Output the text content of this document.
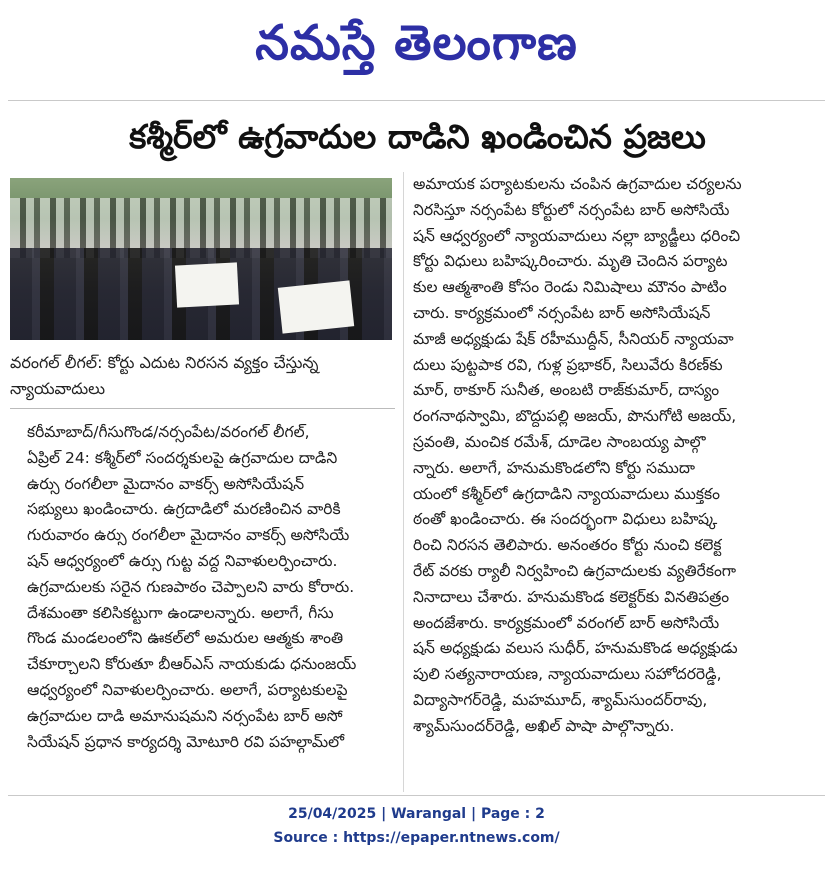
నమస్తే తెలంగాణ
కశ్మీర్‌లో ఉగ్రవాదుల దాడిని ఖండించిన ప్రజలు
వరంగల్ లీగల్: కోర్టు ఎదుట నిరసన వ్యక్తం చేస్తున్న
న్యాయవాదులు
కరీమాబాద్/గీసుగొండ/నర్సంపేట/వరంగల్ లీగల్,
ఏప్రిల్ 24: కశ్మీర్‌లో సందర్శకులపై ఉగ్రవాదుల దాడిని
ఉర్సు రంగలీలా మైదానం వాకర్స్ అసోసియేషన్
సభ్యులు ఖండించారు. ఉగ్రదాడిలో మరణించిన వారికి
గురువారం ఉర్సు రంగలీలా మైదానం వాకర్స్ అసోసియే
షన్ ఆధ్వర్యంలో ఉర్సు గుట్ట వద్ద నివాళులర్పించారు.
ఉగ్రవాదులకు సరైన గుణపాఠం చెప్పాలని వారు కోరారు.
దేశమంతా కలిసికట్టుగా ఉండాలన్నారు. అలాగే, గీసు
గొండ మండలంలోని ఊకల్‌లో అమరుల ఆత్మకు శాంతి
చేకూర్చాలని కోరుతూ బీఆర్‌ఎస్ నాయకుడు ధనుంజయ్
ఆధ్వర్యంలో నివాళులర్పించారు. అలాగే, పర్యాటకులపై
ఉగ్రవాదుల దాడి అమానుషమని నర్సంపేట బార్ అసో
సియేషన్ ప్రధాన కార్యదర్శి మోటూరి రవి పహల్గామ్‌లో
అమాయక పర్యాటకులను చంపిన ఉగ్రవాదుల చర్యలను
నిరసిస్తూ నర్సంపేట కోర్టులో నర్సంపేట బార్ అసోసియే
షన్ ఆధ్వర్యంలో న్యాయవాదులు నల్లా బ్యాడ్జీలు ధరించి
కోర్టు విధులు బహిష్కరించారు. మృతి చెందిన పర్యాట
కుల ఆత్మశాంతి కోసం రెండు నిమిషాలు మౌనం పాటిం
చారు. కార్యక్రమంలో నర్సంపేట బార్ అసోసియేషన్
మాజీ అధ్యక్షుడు షేక్ రహీముద్దీన్, సీనియర్ న్యాయవా
దులు పుట్టపాక రవి, గుళ్ల ప్రభాకర్, సిలువేరు కిరణ్‌కు
మార్, ఠాకూర్ సునీత, అంబటి రాజ్‌కుమార్, దాస్యం
రంగనాథస్వామి, బొద్దుపల్లి అజయ్, పొనుగోటి అజయ్,
స్రవంతి, మంచిక రమేశ్, దూడెల సాంబయ్య పాల్గొ
న్నారు. అలాగే, హనుమకొండలోని కోర్టు సముదా
యంలో కశ్మీర్‌లో ఉగ్రదాడిని న్యాయవాదులు ముక్తకం
ఠంతో ఖండించారు. ఈ సందర్భంగా విధులు బహిష్క
రించి నిరసన తెలిపారు. అనంతరం కోర్టు నుంచి కలెక్ట
రేట్ వరకు ర్యాలీ నిర్వహించి ఉగ్రవాదులకు వ్యతిరేకంగా
నినాదాలు చేశారు. హనుమకొండ కలెక్టర్‌కు వినతిపత్రం
అందజేశారు. కార్యక్రమంలో వరంగల్ బార్ అసోసియే
షన్ అధ్యక్షుడు వలుస సుధీర్, హనుమకొండ అధ్యక్షుడు
పులి సత్యనారాయణ, న్యాయవాదులు సహోదరరెడ్డి,
విద్యాసాగర్‌రెడ్డి, మహమూద్, శ్యామ్‌సుందర్‌రావు,
శ్యామ్‌సుందర్‌రెడ్డి, అఖిల్ పాషా పాల్గొన్నారు.
25/04/2025 | Warangal | Page : 2
Source : https://epaper.ntnews.com/
